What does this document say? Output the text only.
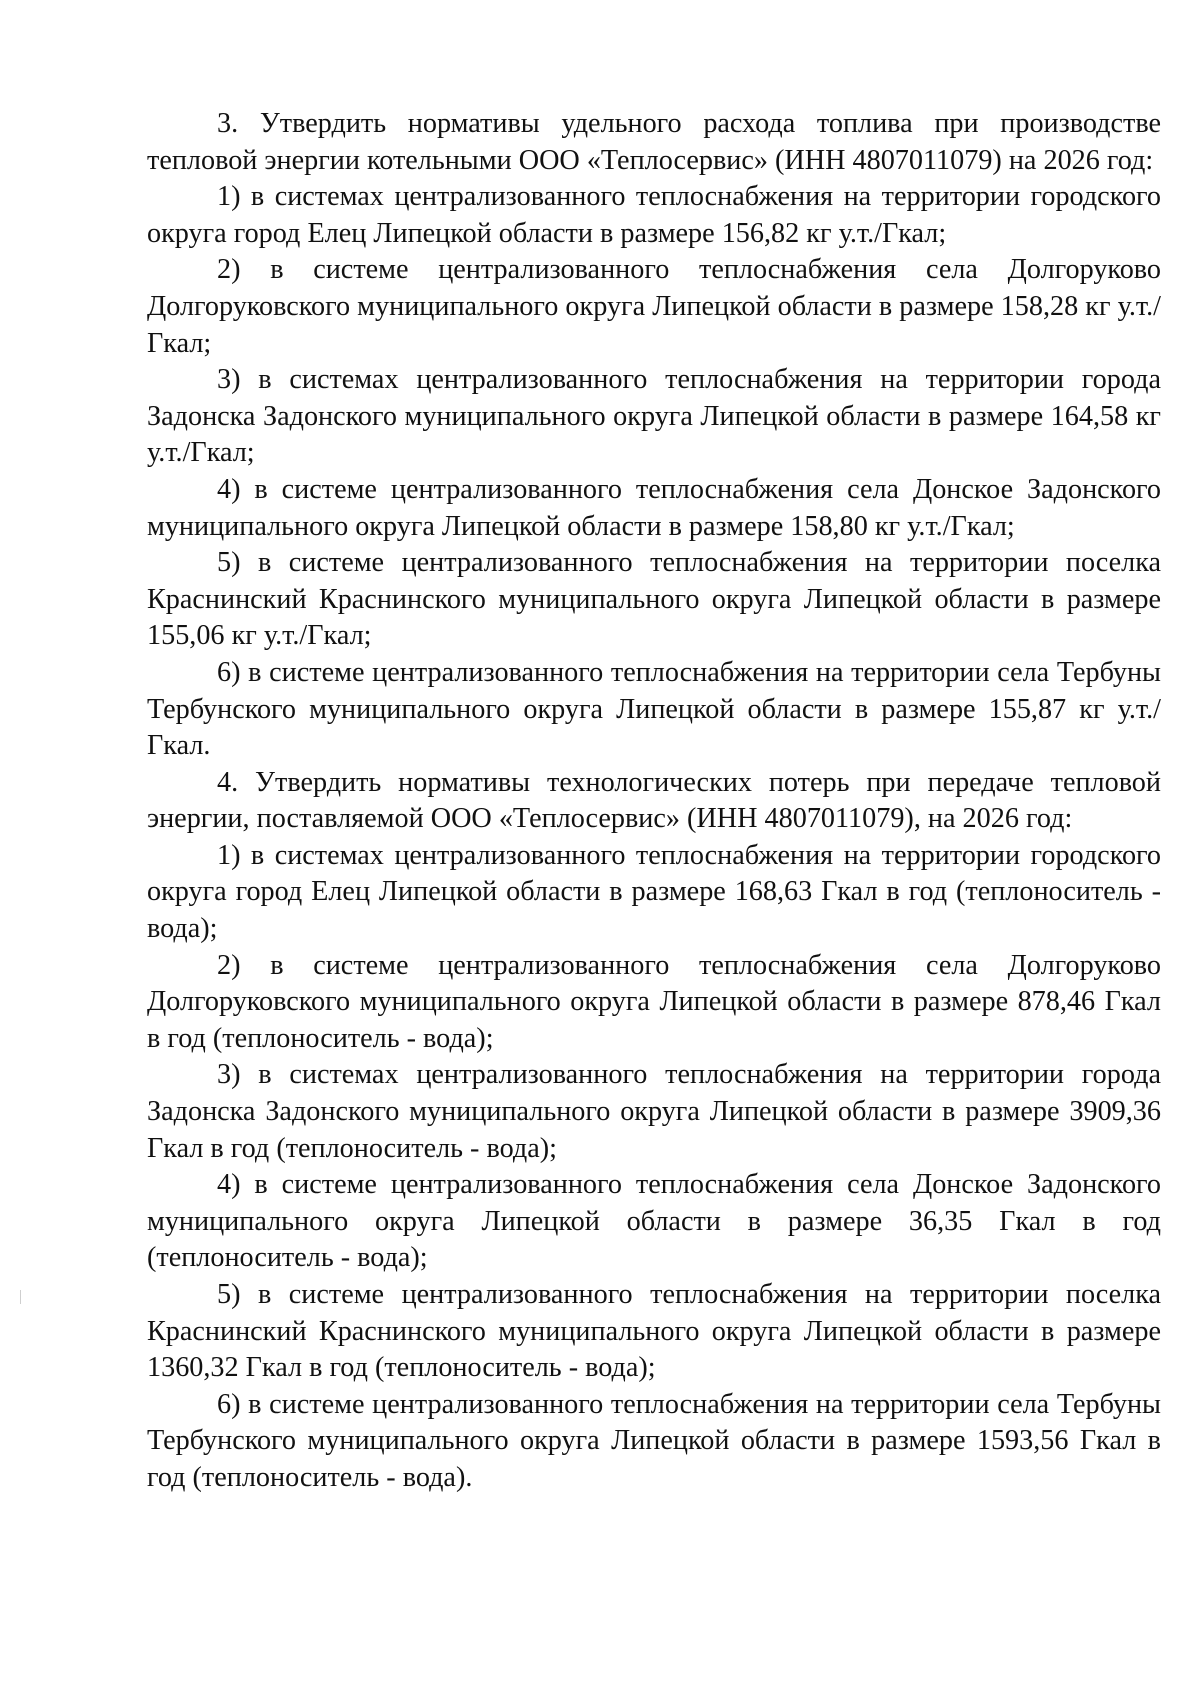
3. Утвердить нормативы удельного расхода топлива при производстве тепловой энергии котельными ООО «Теплосервис» (ИНН 4807011079) на 2026 год:

1) в системах централизованного теплоснабжения на территории городского округа город Елец Липецкой области в размере 156,82 кг у.т./Гкал;

2) в системе централизованного теплоснабжения села Долгоруково Долгоруковского муниципального округа Липецкой области в размере 158,28 кг у.т./Гкал;

3) в системах централизованного теплоснабжения на территории города Задонска Задонского муниципального округа Липецкой области в размере 164,58 кг у.т./Гкал;

4) в системе централизованного теплоснабжения села Донское Задонского муниципального округа Липецкой области в размере 158,80 кг у.т./Гкал;

5) в системе централизованного теплоснабжения на территории поселка Краснинский Краснинского муниципального округа Липецкой области в размере 155,06 кг у.т./Гкал;

6) в системе централизованного теплоснабжения на территории села Тербуны Тербунского муниципального округа Липецкой области в размере 155,87 кг у.т./Гкал.

4. Утвердить нормативы технологических потерь при передаче тепловой энергии, поставляемой ООО «Теплосервис» (ИНН 4807011079), на 2026 год:

1) в системах централизованного теплоснабжения на территории городского округа город Елец Липецкой области в размере 168,63 Гкал в год (теплоноситель - вода);

2) в системе централизованного теплоснабжения села Долгоруково Долгоруковского муниципального округа Липецкой области в размере 878,46 Гкал в год (теплоноситель - вода);

3) в системах централизованного теплоснабжения на территории города Задонска Задонского муниципального округа Липецкой области в размере 3909,36 Гкал в год (теплоноситель - вода);

4) в системе централизованного теплоснабжения села Донское Задонского муниципального округа Липецкой области в размере 36,35 Гкал в год (теплоноситель - вода);

5) в системе централизованного теплоснабжения на территории поселка Краснинский Краснинского муниципального округа Липецкой области в размере 1360,32 Гкал в год (теплоноситель - вода);

6) в системе централизованного теплоснабжения на территории села Тербуны Тербунского муниципального округа Липецкой области в размере 1593,56 Гкал в год (теплоноситель - вода).
